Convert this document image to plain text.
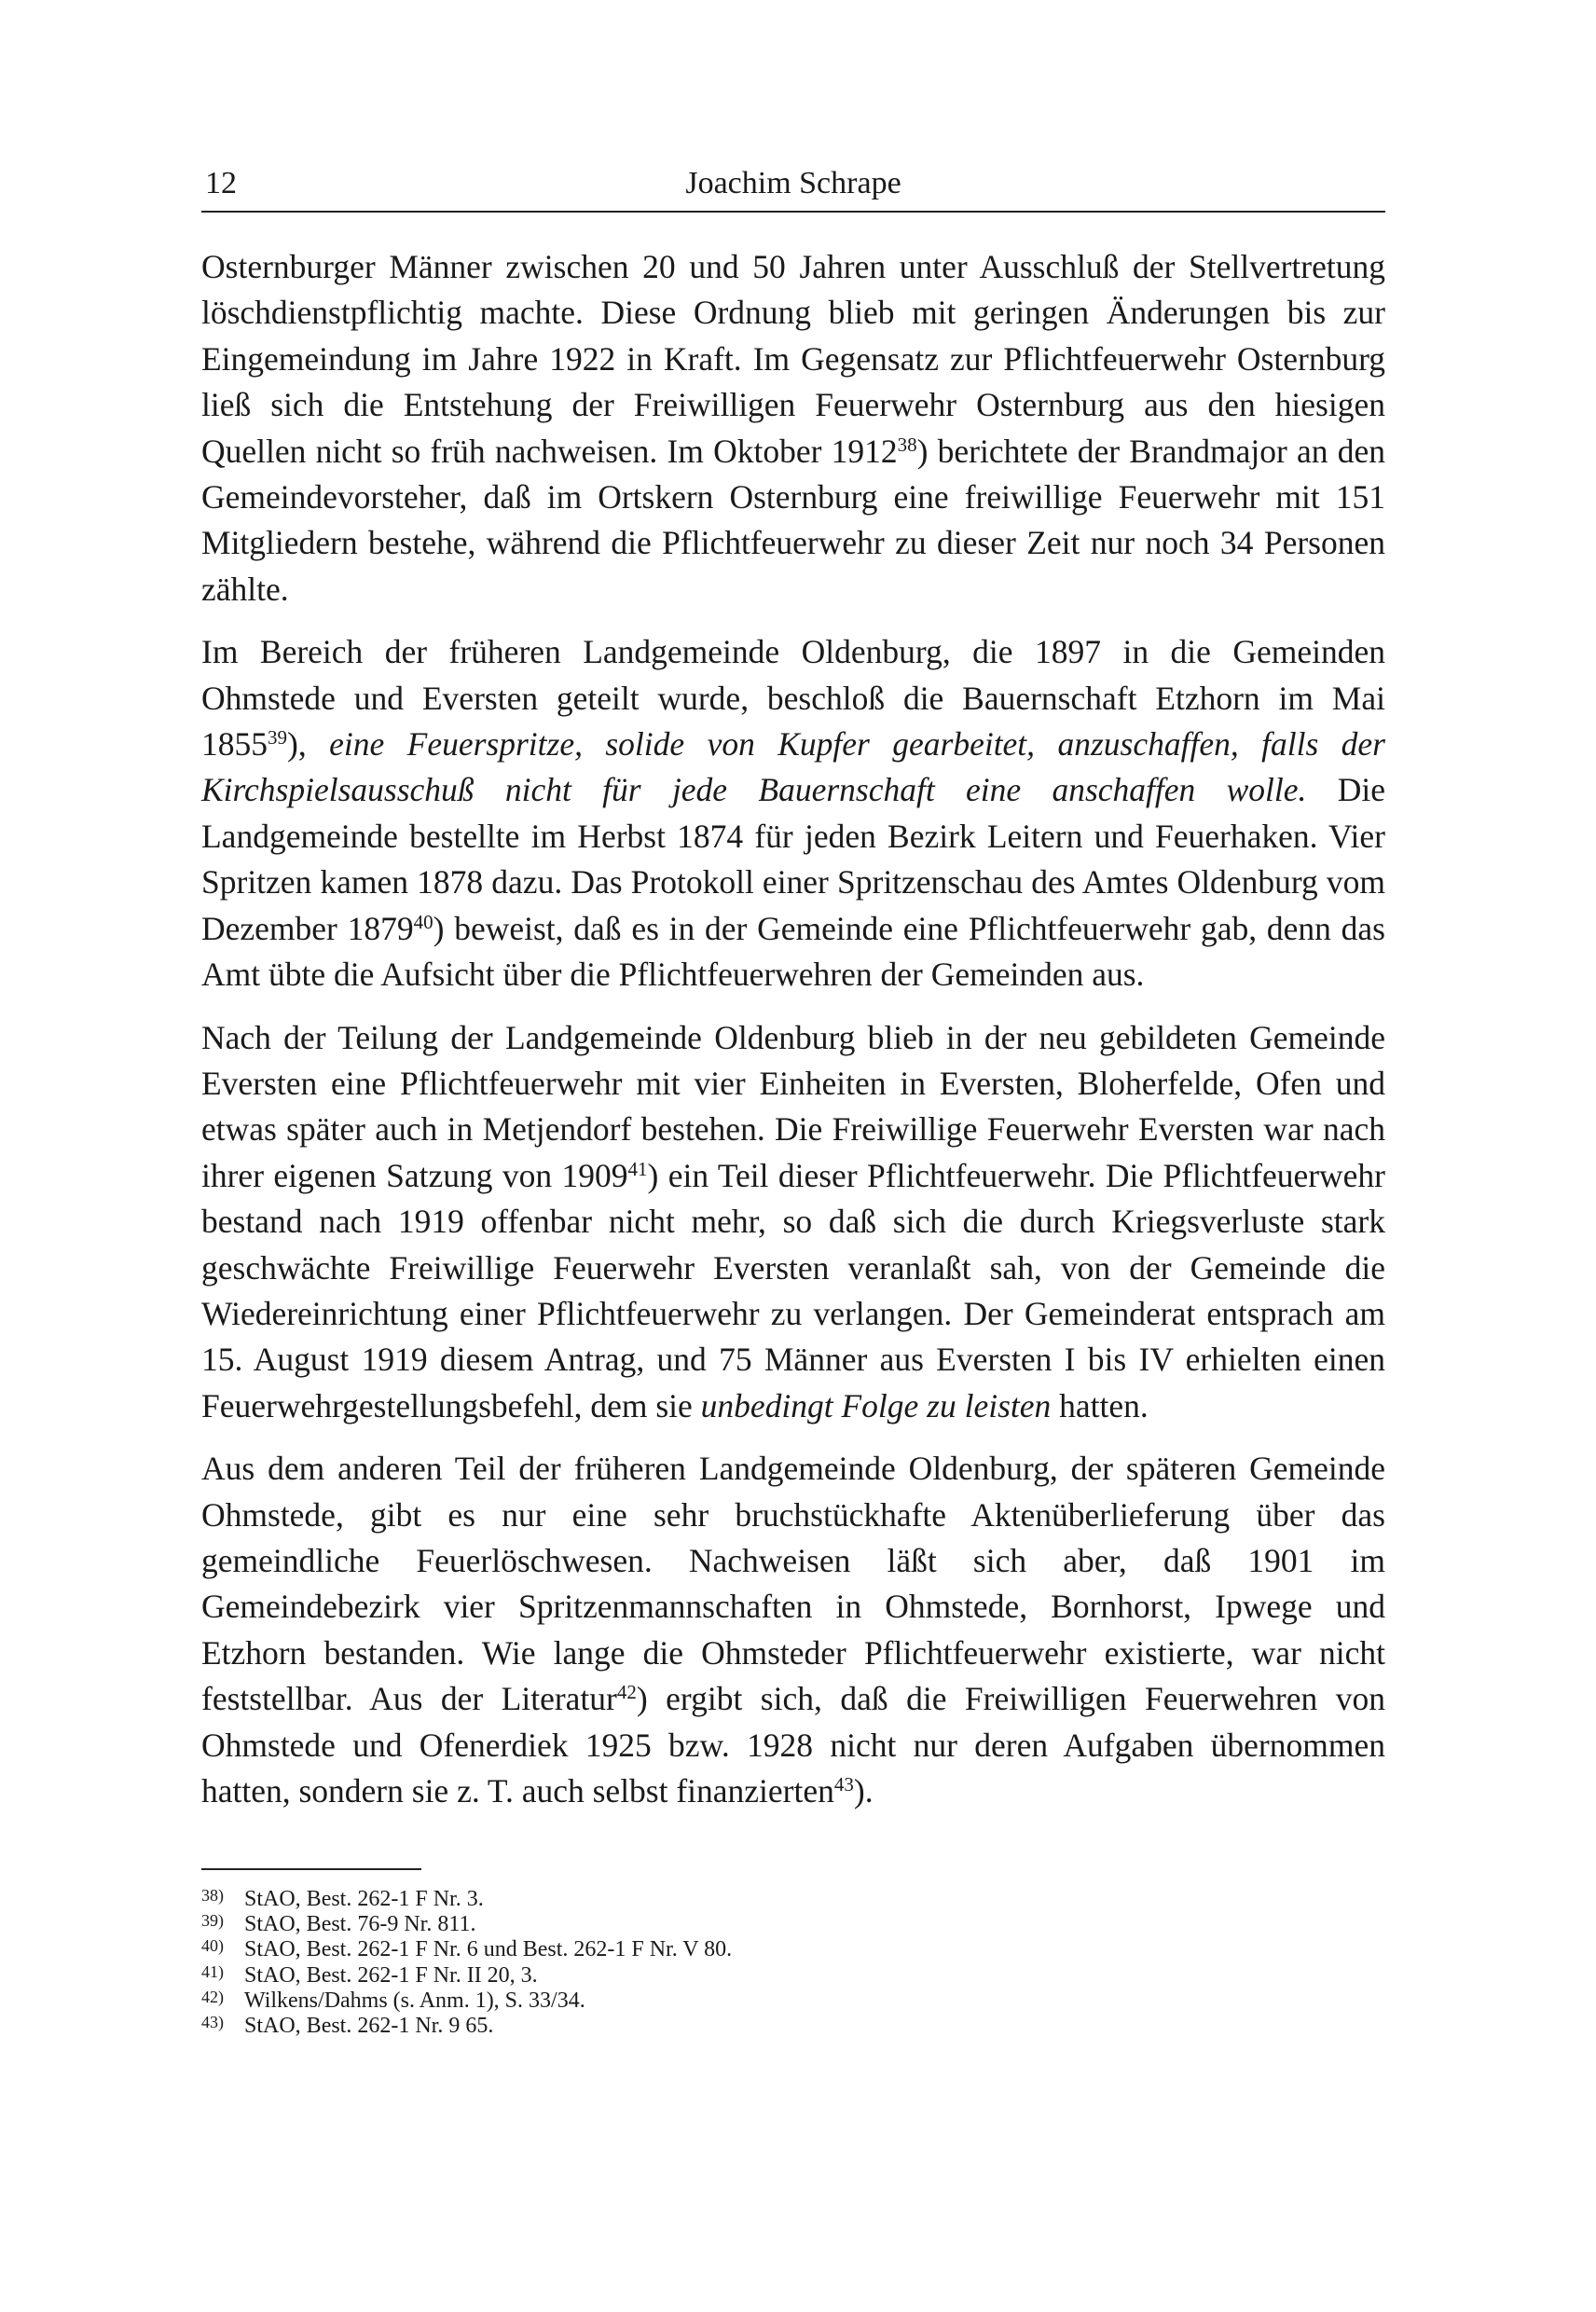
12	Joachim Schrape

Osternburger Männer zwischen 20 und 50 Jahren unter Ausschluß der Stellvertretung löschdienstpflichtig machte. Diese Ordnung blieb mit geringen Änderungen bis zur Eingemeindung im Jahre 1922 in Kraft. Im Gegensatz zur Pflichtfeuerwehr Osternburg ließ sich die Entstehung der Freiwilligen Feuerwehr Osternburg aus den hiesigen Quellen nicht so früh nachweisen. Im Oktober 1912$^{38}$) berichtete der Brandmajor an den Gemeindevorsteher, daß im Ortskern Osternburg eine freiwillige Feuerwehr mit 151 Mitgliedern bestehe, während die Pflichtfeuerwehr zu dieser Zeit nur noch 34 Personen zählte.

Im Bereich der früheren Landgemeinde Oldenburg, die 1897 in die Gemeinden Ohmstede und Eversten geteilt wurde, beschloß die Bauernschaft Etzhorn im Mai 1855$^{39}$), eine Feuerspritze, solide von Kupfer gearbeitet, anzuschaffen, falls der Kirchspielsausschuß nicht für jede Bauernschaft eine anschaffen wolle. Die Landgemeinde bestellte im Herbst 1874 für jeden Bezirk Leitern und Feuerhaken. Vier Spritzen kamen 1878 dazu. Das Protokoll einer Spritzenschau des Amtes Oldenburg vom Dezember 1879$^{40}$) beweist, daß es in der Gemeinde eine Pflichtfeuerwehr gab, denn das Amt übte die Aufsicht über die Pflichtfeuerwehren der Gemeinden aus.

Nach der Teilung der Landgemeinde Oldenburg blieb in der neu gebildeten Gemeinde Eversten eine Pflichtfeuerwehr mit vier Einheiten in Eversten, Bloherfelde, Ofen und etwas später auch in Metjendorf bestehen. Die Freiwillige Feuerwehr Eversten war nach ihrer eigenen Satzung von 1909$^{41}$) ein Teil dieser Pflichtfeuerwehr. Die Pflichtfeuerwehr bestand nach 1919 offenbar nicht mehr, so daß sich die durch Kriegsverluste stark geschwächte Freiwillige Feuerwehr Eversten veranlaßt sah, von der Gemeinde die Wiedereinrichtung einer Pflichtfeuerwehr zu verlangen. Der Gemeinderat entsprach am 15. August 1919 diesem Antrag, und 75 Männer aus Eversten I bis IV erhielten einen Feuerwehrgestellungsbefehl, dem sie unbedingt Folge zu leisten hatten.

Aus dem anderen Teil der früheren Landgemeinde Oldenburg, der späteren Gemeinde Ohmstede, gibt es nur eine sehr bruchstückhafte Aktenüberlieferung über das gemeindliche Feuerlöschwesen. Nachweisen läßt sich aber, daß 1901 im Gemeindebezirk vier Spritzenmannschaften in Ohmstede, Bornhorst, Ipwege und Etzhorn bestanden. Wie lange die Ohmsteder Pflichtfeuerwehr existierte, war nicht feststellbar. Aus der Literatur$^{42}$) ergibt sich, daß die Freiwilligen Feuerwehren von Ohmstede und Ofenerdiek 1925 bzw. 1928 nicht nur deren Aufgaben übernommen hatten, sondern sie z. T. auch selbst finanzierten$^{43}$).

38) StAO, Best. 262-1 F Nr. 3.
39) StAO, Best. 76-9 Nr. 811.
40) StAO, Best. 262-1 F Nr. 6 und Best. 262-1 F Nr. V 80.
41) StAO, Best. 262-1 F Nr. II 20, 3.
42) Wilkens/Dahms (s. Anm. 1), S. 33/34.
43) StAO, Best. 262-1 Nr. 9 65.
